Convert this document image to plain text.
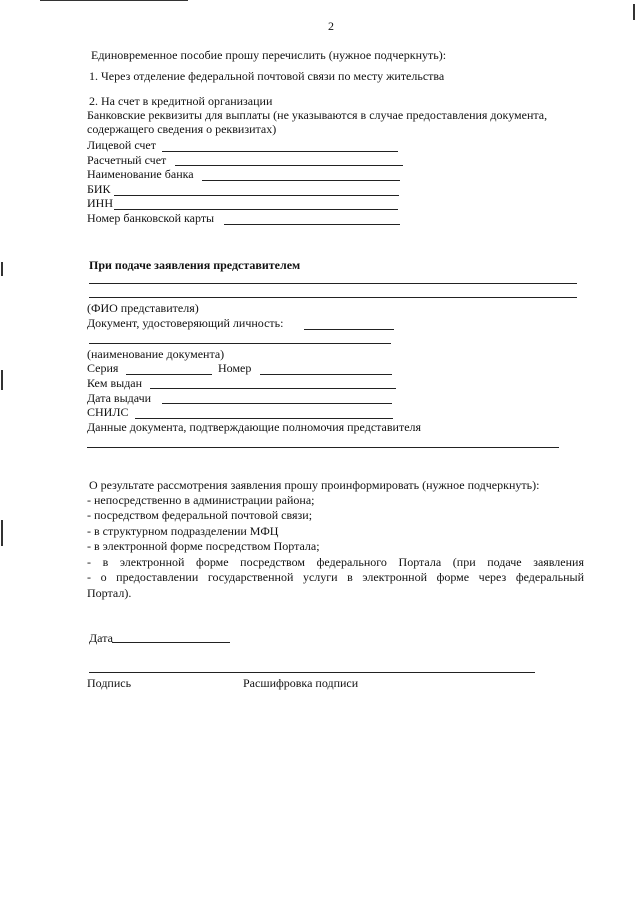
2
Единовременное пособие прошу перечислить (нужное подчеркнуть):
1. Через отделение федеральной почтовой связи по месту жительства
2. На счет в кредитной организации
Банковские реквизиты для выплаты (не указываются в случае предоставления документа,
содержащего сведения о реквизитах)
Лицевой счет
Расчетный счет
Наименование банка
БИК
ИНН
Номер банковской карты
При подаче заявления представителем
(ФИО представителя)
Документ, удостоверяющий личность:
(наименование документа)
Серия	Номер
Кем выдан
Дата выдачи
СНИЛС
Данные документа, подтверждающие полномочия представителя
О результате рассмотрения заявления прошу проинформировать (нужное подчеркнуть):
- непосредственно в администрации района;
- посредством федеральной почтовой связи;
- в структурном подразделении МФЦ
- в электронной форме посредством Портала;
- в электронной форме посредством федерального Портала (при подаче заявления
- о предоставлении государственной услуги в электронной форме через федеральный
Портал).
Дата
Подпись	Расшифровка подписи
